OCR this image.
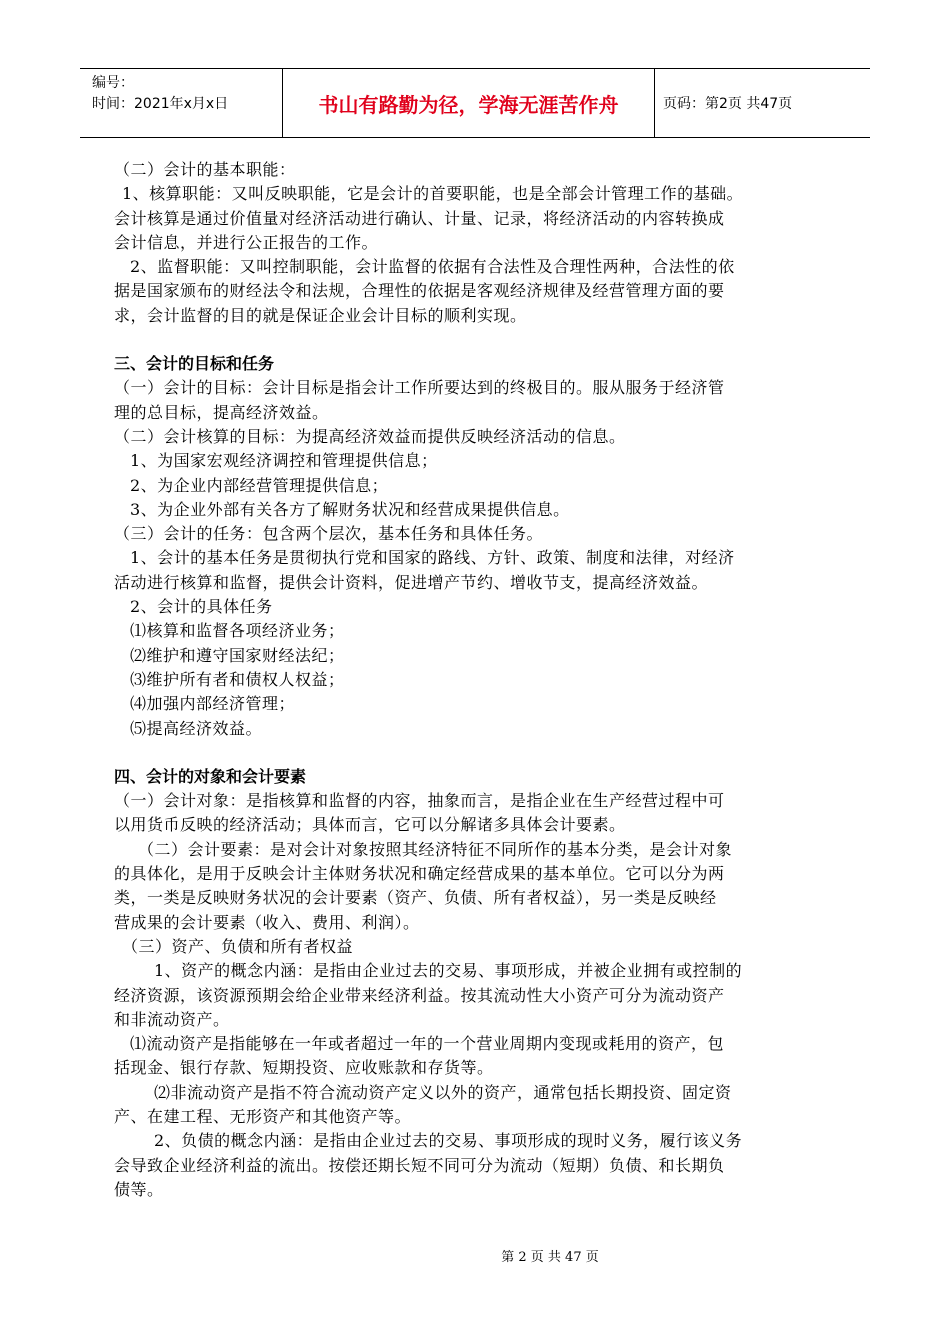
编号：
时间：2021年x月x日	书山有路勤为径，学海无涯苦作舟	页码：第2页 共47页
（二）会计的基本职能：
1、核算职能：又叫反映职能，它是会计的首要职能，也是全部会计管理工作的基础。
会计核算是通过价值量对经济活动进行确认、计量、记录，将经济活动的内容转换成
会计信息，并进行公正报告的工作。
2、监督职能：又叫控制职能，会计监督的依据有合法性及合理性两种，合法性的依
据是国家颁布的财经法令和法规，合理性的依据是客观经济规律及经营管理方面的要
求，会计监督的目的就是保证企业会计目标的顺利实现。
三、会计的目标和任务
（一）会计的目标：会计目标是指会计工作所要达到的终极目的。服从服务于经济管
理的总目标，提高经济效益。
（二）会计核算的目标：为提高经济效益而提供反映经济活动的信息。
1、为国家宏观经济调控和管理提供信息；
2、为企业内部经营管理提供信息；
3、为企业外部有关各方了解财务状况和经营成果提供信息。
（三）会计的任务：包含两个层次，基本任务和具体任务。
1、会计的基本任务是贯彻执行党和国家的路线、方针、政策、制度和法律，对经济
活动进行核算和监督，提供会计资料，促进增产节约、增收节支，提高经济效益。
2、会计的具体任务
⑴核算和监督各项经济业务；
⑵维护和遵守国家财经法纪；
⑶维护所有者和债权人权益；
⑷加强内部经济管理；
⑸提高经济效益。
四、会计的对象和会计要素
（一）会计对象：是指核算和监督的内容，抽象而言，是指企业在生产经营过程中可
以用货币反映的经济活动；具体而言，它可以分解诸多具体会计要素。
（二）会计要素：是对会计对象按照其经济特征不同所作的基本分类，是会计对象
的具体化，是用于反映会计主体财务状况和确定经营成果的基本单位。它可以分为两
类，一类是反映财务状况的会计要素（资产、负债、所有者权益），另一类是反映经
营成果的会计要素（收入、费用、利润）。
（三）资产、负债和所有者权益
1、资产的概念内涵：是指由企业过去的交易、事项形成，并被企业拥有或控制的
经济资源，该资源预期会给企业带来经济利益。按其流动性大小资产可分为流动资产
和非流动资产。
⑴流动资产是指能够在一年或者超过一年的一个营业周期内变现或耗用的资产，包
括现金、银行存款、短期投资、应收账款和存货等。
⑵非流动资产是指不符合流动资产定义以外的资产，通常包括长期投资、固定资
产、在建工程、无形资产和其他资产等。
2、负债的概念内涵：是指由企业过去的交易、事项形成的现时义务，履行该义务
会导致企业经济利益的流出。按偿还期长短不同可分为流动（短期）负债、和长期负
债等。
第 2 页 共 47 页
